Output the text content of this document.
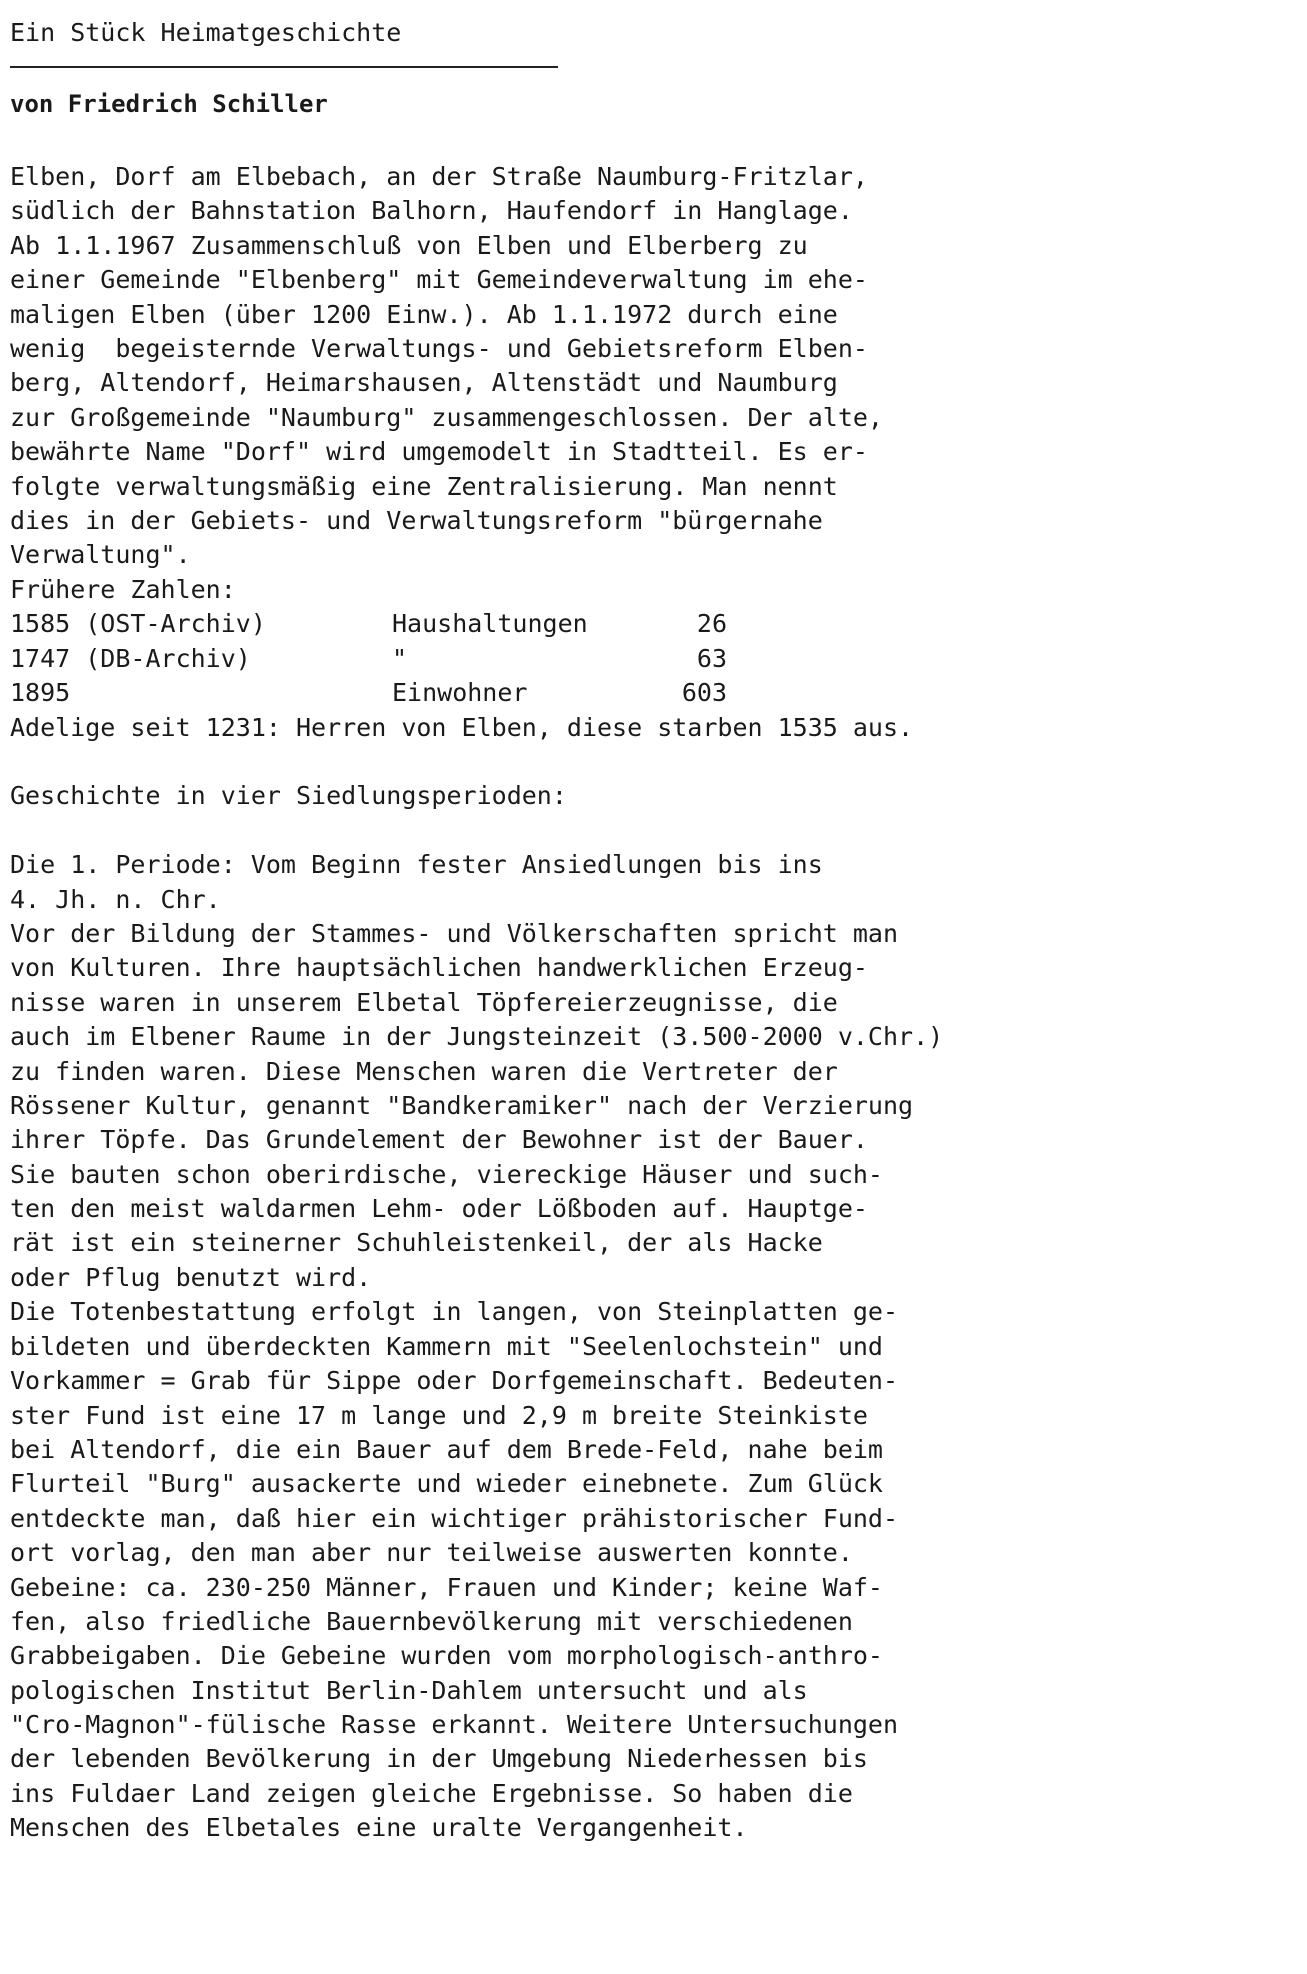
Ein Stück Heimatgeschichte
von Friedrich Schiller
Elben, Dorf am Elbebach, an der Straße Naumburg-Fritzlar,
südlich der Bahnstation Balhorn, Haufendorf in Hanglage.
Ab 1.1.1967 Zusammenschluß von Elben und Elberberg zu
einer Gemeinde "Elbenberg" mit Gemeindeverwaltung im ehe-
maligen Elben (über 1200 Einw.). Ab 1.1.1972 durch eine
wenig  begeisternde Verwaltungs- und Gebietsreform Elben-
berg, Altendorf, Heimarshausen, Altenstädt und Naumburg
zur Großgemeinde "Naumburg" zusammengeschlossen. Der alte,
bewährte Name "Dorf" wird umgemodelt in Stadtteil. Es er-
folgte verwaltungsmäßig eine Zentralisierung. Man nennt
dies in der Gebiets- und Verwaltungsreform "bürgernahe
Verwaltung".
Frühere Zahlen:
1585 (OST-Archiv)	Haushaltungen	26
1747 (DB-Archiv)	"	63
1895	Einwohner	603
Adelige seit 1231: Herren von Elben, diese starben 1535 aus.
Geschichte in vier Siedlungsperioden:
Die 1. Periode: Vom Beginn fester Ansiedlungen bis ins
4. Jh. n. Chr.
Vor der Bildung der Stammes- und Völkerschaften spricht man
von Kulturen. Ihre hauptsächlichen handwerklichen Erzeug-
nisse waren in unserem Elbetal Töpfereierzeugnisse, die
auch im Elbener Raume in der Jungsteinzeit (3.500-2000 v.Chr.)
zu finden waren. Diese Menschen waren die Vertreter der
Rössener Kultur, genannt "Bandkeramiker" nach der Verzierung
ihrer Töpfe. Das Grundelement der Bewohner ist der Bauer.
Sie bauten schon oberirdische, viereckige Häuser und such-
ten den meist waldarmen Lehm- oder Lößboden auf. Hauptge-
rät ist ein steinerner Schuhleistenkeil, der als Hacke
oder Pflug benutzt wird.
Die Totenbestattung erfolgt in langen, von Steinplatten ge-
bildeten und überdeckten Kammern mit "Seelenlochstein" und
Vorkammer = Grab für Sippe oder Dorfgemeinschaft. Bedeuten-
ster Fund ist eine 17 m lange und 2,9 m breite Steinkiste
bei Altendorf, die ein Bauer auf dem Brede-Feld, nahe beim
Flurteil "Burg" ausackerte und wieder einebnete. Zum Glück
entdeckte man, daß hier ein wichtiger prähistorischer Fund-
ort vorlag, den man aber nur teilweise auswerten konnte.
Gebeine: ca. 230-250 Männer, Frauen und Kinder; keine Waf-
fen, also friedliche Bauernbevölkerung mit verschiedenen
Grabbeigaben. Die Gebeine wurden vom morphologisch-anthro-
pologischen Institut Berlin-Dahlem untersucht und als
"Cro-Magnon"-fülische Rasse erkannt. Weitere Untersuchungen
der lebenden Bevölkerung in der Umgebung Niederhessen bis
ins Fuldaer Land zeigen gleiche Ergebnisse. So haben die
Menschen des Elbetales eine uralte Vergangenheit.
